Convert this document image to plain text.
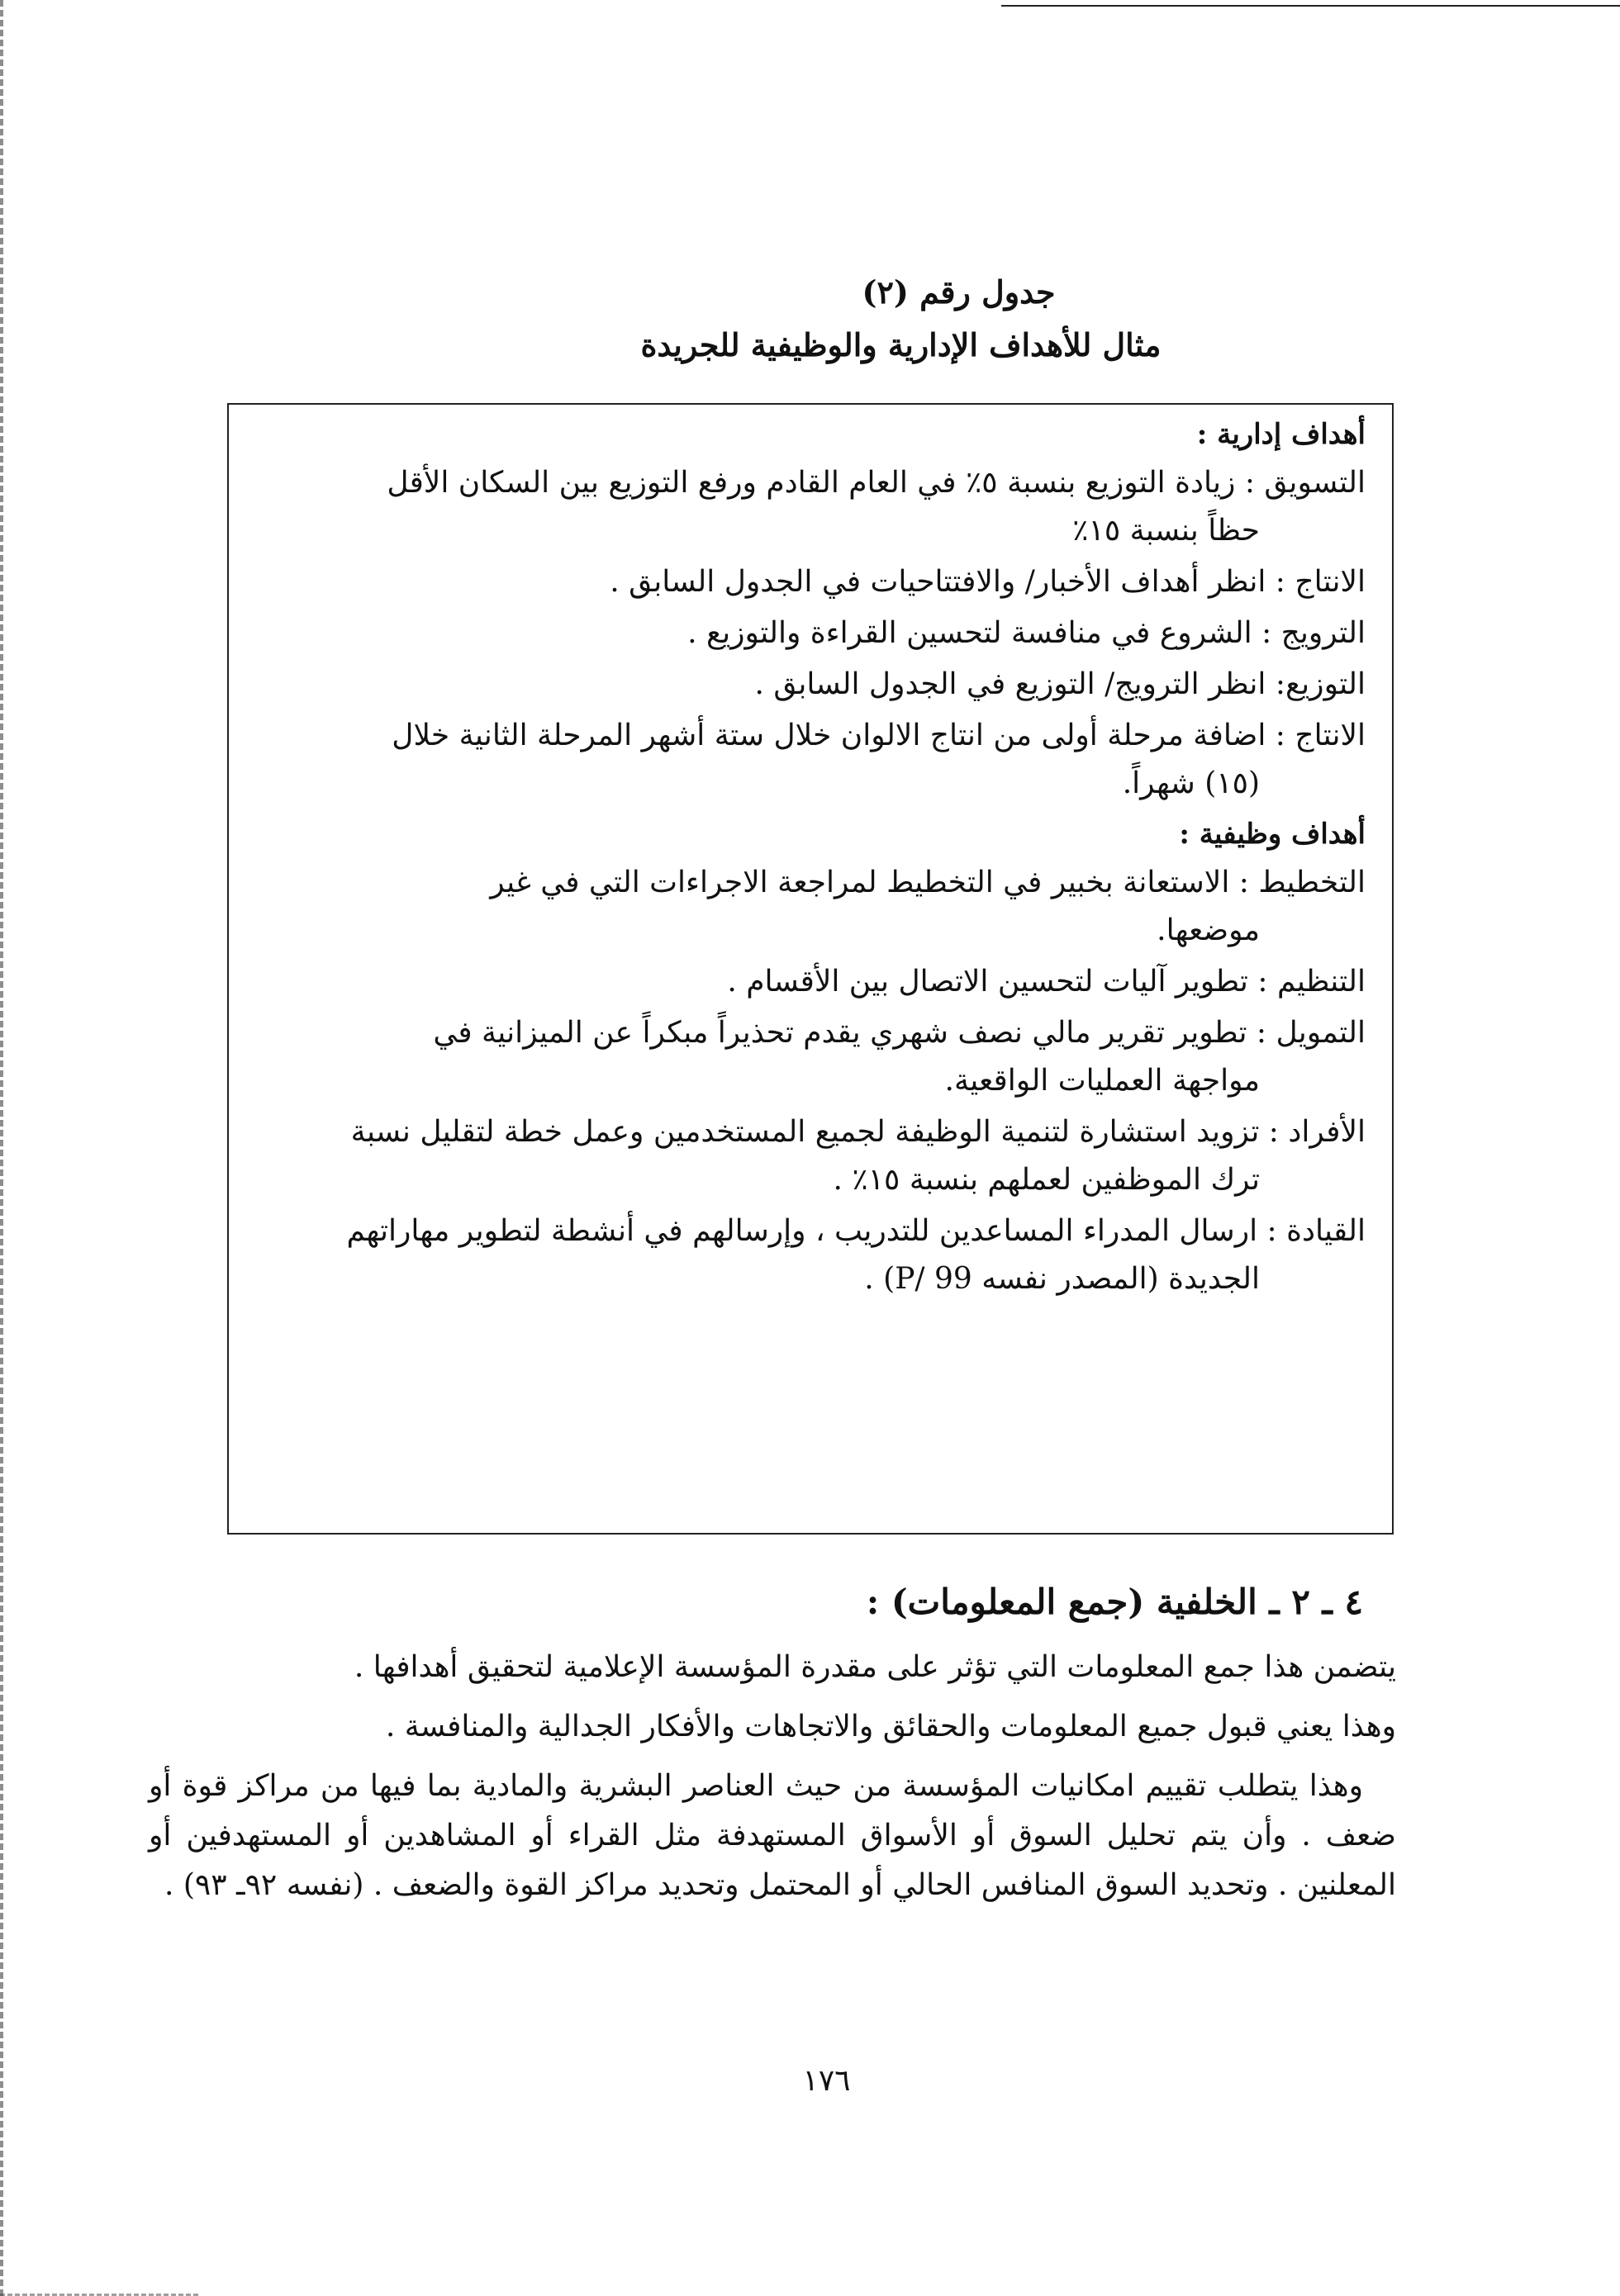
جدول رقم (٢)

مثال للأهداف الإدارية والوظيفية للجريدة

أهداف إدارية :

التسويق : زيادة التوزيع بنسبة ٥٪ في العام القادم ورفع التوزيع بين السكان الأقل
حظاً بنسبة ١٥٪
الانتاج : انظر أهداف الأخبار/ والافتتاحيات في الجدول السابق .
الترويج : الشروع في منافسة لتحسين القراءة والتوزيع .
التوزيع: انظر الترويج/ التوزيع في الجدول السابق .
الانتاج : اضافة مرحلة أولى من انتاج الالوان خلال ستة أشهر المرحلة الثانية خلال
(١٥) شهراً.

أهداف وظيفية :

التخطيط : الاستعانة بخبير في التخطيط لمراجعة الاجراءات التي في غير
موضعها.
التنظيم : تطوير آليات لتحسين الاتصال بين الأقسام .
التمويل : تطوير تقرير مالي نصف شهري يقدم تحذيراً مبكراً عن الميزانية في
مواجهة العمليات الواقعية.
الأفراد : تزويد استشارة لتنمية الوظيفة لجميع المستخدمين وعمل خطة لتقليل نسبة
ترك الموظفين لعملهم بنسبة ١٥٪ .
القيادة : ارسال المدراء المساعدين للتدريب ، وإرسالهم في أنشطة لتطوير مهاراتهم
الجديدة (المصدر نفسه 99 /P) .

٤ ـ ٢ ـ الخلفية (جمع المعلومات) :

يتضمن هذا جمع المعلومات التي تؤثر على مقدرة المؤسسة الإعلامية لتحقيق أهدافها .

وهذا يعني قبول جميع المعلومات والحقائق والاتجاهات والأفكار الجدالية والمنافسة .

وهذا يتطلب تقييم امكانيات المؤسسة من حيث العناصر البشرية والمادية بما فيها من مراكز قوة أو ضعف . وأن يتم تحليل السوق أو الأسواق المستهدفة مثل القراء أو المشاهدين أو المستهدفين أو المعلنين . وتحديد السوق المنافس الحالي أو المحتمل وتحديد مراكز القوة والضعف . (نفسه ٩٢ـ ٩٣) .

١٧٦
